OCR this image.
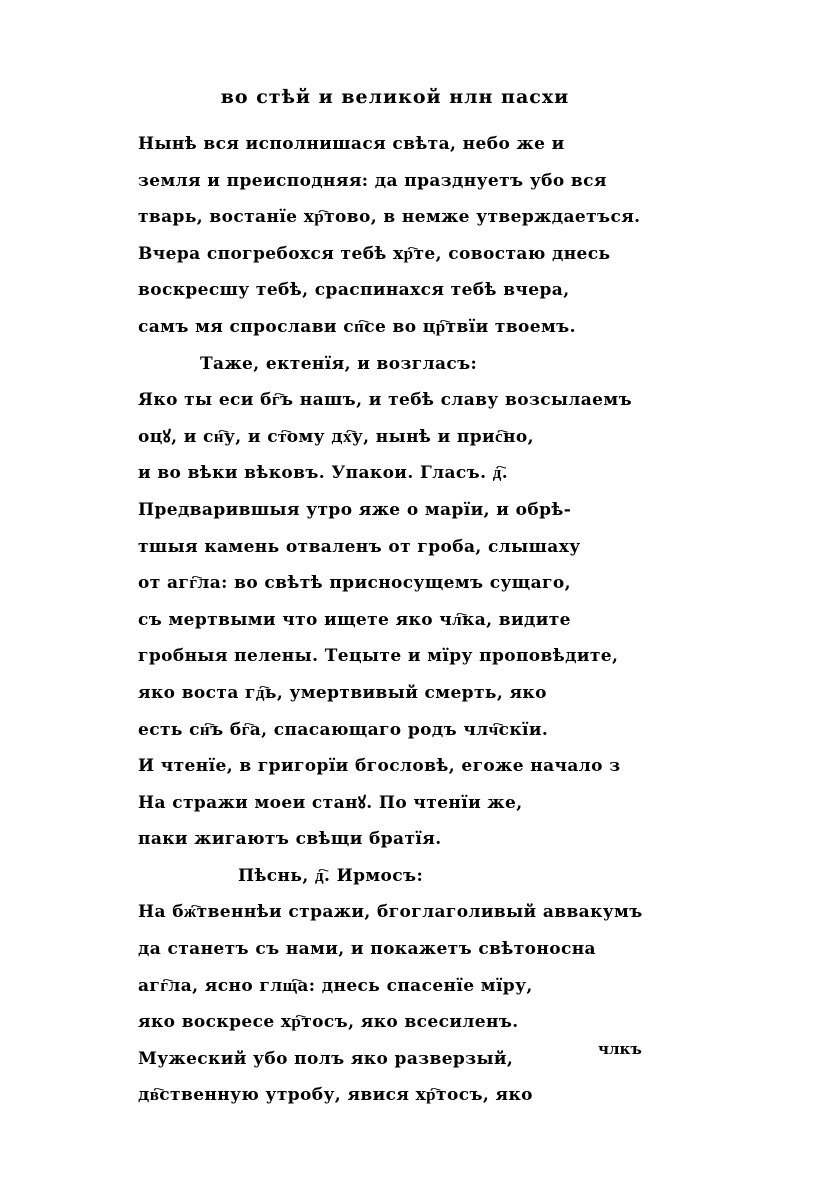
во стѣй и великой нлн пасхи
Нынѣ вся исполнишася свѣта, небо же и
земля и преисподняя: да празднуетъ убо вся
тварь, востанїе хр҇тово, в немже утверждаетъся.
Вчера спогребохся тебѣ хр҇те, совостаю днесь
воскресшу тебѣ, сраспинахся тебѣ вчера,
самъ мя спрослави сп҇се во цр҇твїи твоемъ.
Таже, ектенїя, и возгласъ:
Яко ты еси бг҇ъ нашъ, и тебѣ славу возсылаемъ
оцꙋ, и сн҇у, и ст҇ому дх҇у, нынѣ и прис҇но,
и во вѣки вѣковъ. Упакои. Гласъ. д҇.
Предварившыя утро яже о марїи, и обрѣ-
тшыя камень отваленъ от гроба, слышаху
от агг҇ла: во свѣтѣ присносущемъ сущаго,
съ мертвыми что ищете яко чл҇ка, видите
гробныя пелены. Тецыте и мїру проповѣдите,
яко воста гд҇ь, умертвивый смерть, яко
есть сн҇ъ бг҇а, спасающаго родъ члч҇скїи.
И чтенїе, в григорїи бгословѣ, егоже начало з
На стражи моеи станꙋ. По чтенїи же,
паки жигаютъ свѣщи братїя.
Пѣснь, д҇. Ирмосъ:
На бж҇твеннѣи стражи, бгоглаголивый аввакумъ
да станетъ съ нами, и покажетъ свѣтоносна
агг҇ла, ясно глщ҇а: днесь спасенїе мїру,
яко воскресе хр҇тосъ, яко всесиленъ.
Мужеский убо полъ яко разверзый,
дв҇ственную утробу, явися хр҇тосъ, яко
члкъ
